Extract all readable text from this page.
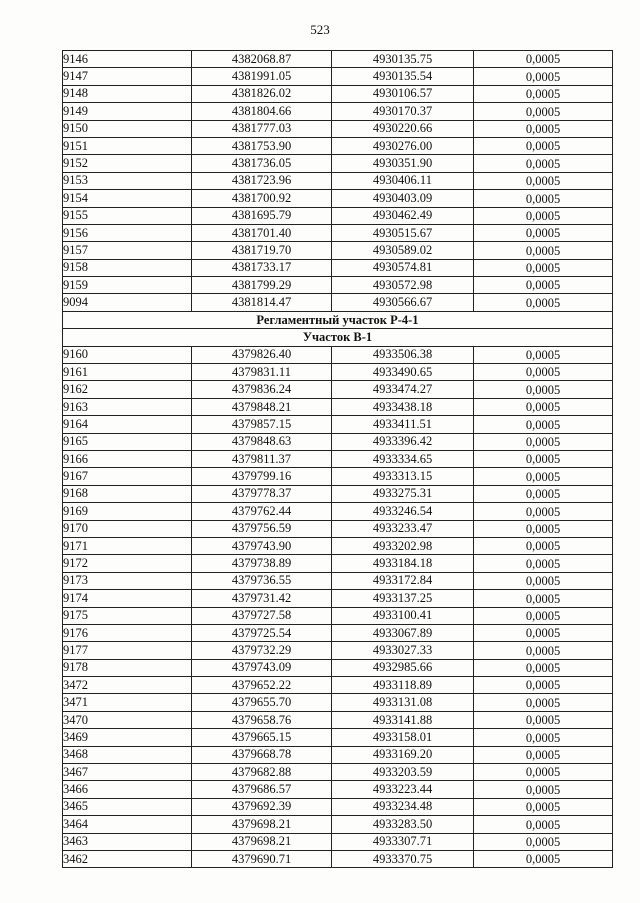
523
9146	4382068.87	4930135.75	0,0005
9147	4381991.05	4930135.54	0,0005
9148	4381826.02	4930106.57	0,0005
9149	4381804.66	4930170.37	0,0005
9150	4381777.03	4930220.66	0,0005
9151	4381753.90	4930276.00	0,0005
9152	4381736.05	4930351.90	0,0005
9153	4381723.96	4930406.11	0,0005
9154	4381700.92	4930403.09	0,0005
9155	4381695.79	4930462.49	0,0005
9156	4381701.40	4930515.67	0,0005
9157	4381719.70	4930589.02	0,0005
9158	4381733.17	4930574.81	0,0005
9159	4381799.29	4930572.98	0,0005
9094	4381814.47	4930566.67	0,0005
Регламентный участок Р-4-1			
Участок В-1			
9160	4379826.40	4933506.38	0,0005
9161	4379831.11	4933490.65	0,0005
9162	4379836.24	4933474.27	0,0005
9163	4379848.21	4933438.18	0,0005
9164	4379857.15	4933411.51	0,0005
9165	4379848.63	4933396.42	0,0005
9166	4379811.37	4933334.65	0,0005
9167	4379799.16	4933313.15	0,0005
9168	4379778.37	4933275.31	0,0005
9169	4379762.44	4933246.54	0,0005
9170	4379756.59	4933233.47	0,0005
9171	4379743.90	4933202.98	0,0005
9172	4379738.89	4933184.18	0,0005
9173	4379736.55	4933172.84	0,0005
9174	4379731.42	4933137.25	0,0005
9175	4379727.58	4933100.41	0,0005
9176	4379725.54	4933067.89	0,0005
9177	4379732.29	4933027.33	0,0005
9178	4379743.09	4932985.66	0,0005
3472	4379652.22	4933118.89	0,0005
3471	4379655.70	4933131.08	0,0005
3470	4379658.76	4933141.88	0,0005
3469	4379665.15	4933158.01	0,0005
3468	4379668.78	4933169.20	0,0005
3467	4379682.88	4933203.59	0,0005
3466	4379686.57	4933223.44	0,0005
3465	4379692.39	4933234.48	0,0005
3464	4379698.21	4933283.50	0,0005
3463	4379698.21	4933307.71	0,0005
3462	4379690.71	4933370.75	0,0005
